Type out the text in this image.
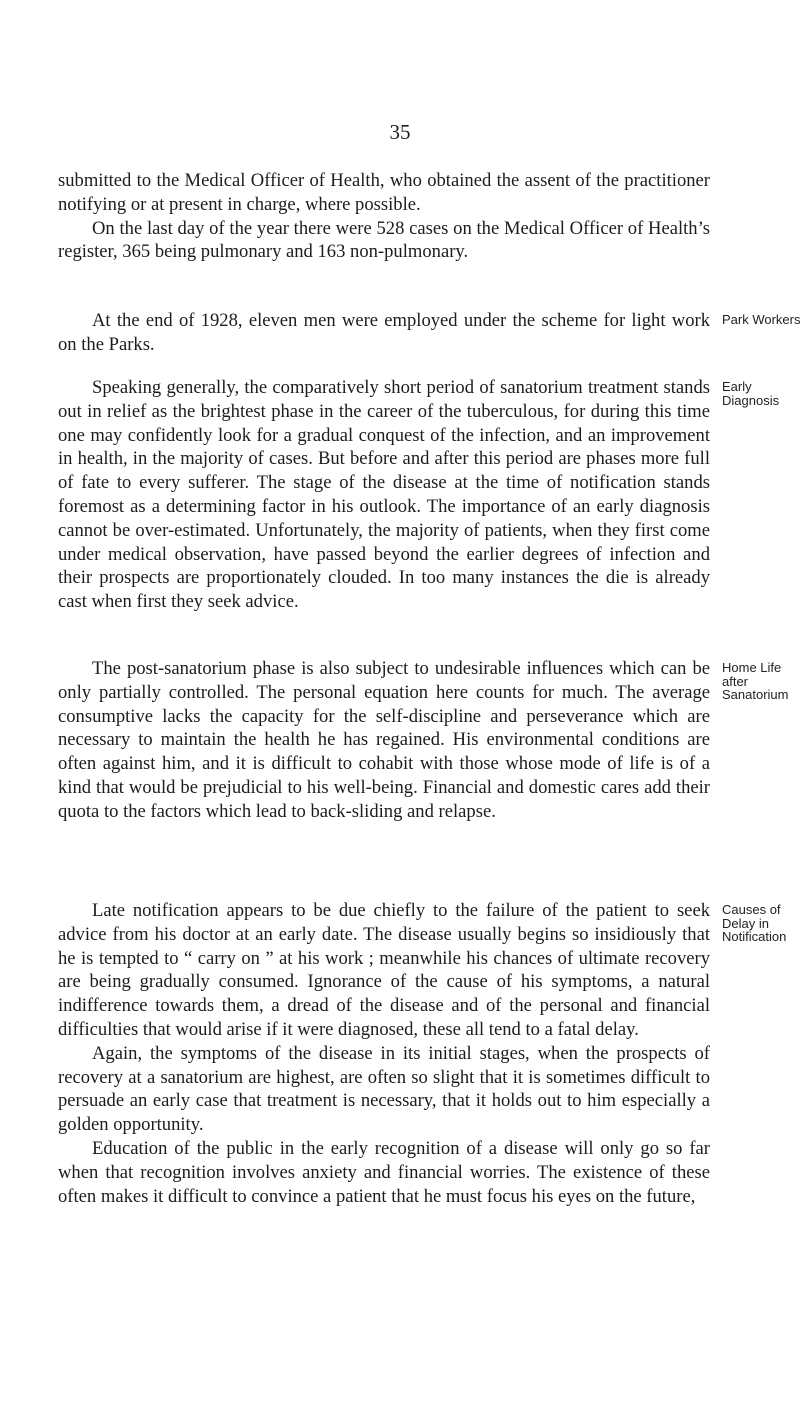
35

submitted to the Medical Officer of Health, who obtained the assent of the practitioner notifying or at present in charge, where possible.

On the last day of the year there were 528 cases on the Medical Officer of Health’s register, 365 being pulmonary and 163 non-pulmonary.

At the end of 1928, eleven men were employed under the scheme for light work on the Parks.

Park Workers

Speaking generally, the comparatively short period of sanatorium treatment stands out in relief as the brightest phase in the career of the tuberculous, for during this time one may confidently look for a gradual conquest of the infection, and an improvement in health, in the majority of cases. But before and after this period are phases more full of fate to every sufferer. The stage of the disease at the time of notification stands foremost as a determining factor in his outlook. The importance of an early diagnosis cannot be over-estimated. Unfortunately, the majority of patients, when they first come under medical observation, have passed beyond the earlier degrees of infection and their prospects are proportionately clouded. In too many instances the die is already cast when first they seek advice.

Early Diagnosis

The post-sanatorium phase is also subject to undesirable influences which can be only partially controlled. The personal equation here counts for much. The average consumptive lacks the capacity for the self-discipline and perseverance which are necessary to maintain the health he has regained. His environmental conditions are often against him, and it is difficult to cohabit with those whose mode of life is of a kind that would be prejudicial to his well-being. Financial and domestic cares add their quota to the factors which lead to back-sliding and relapse.

Home Life after Sanatorium

Late notification appears to be due chiefly to the failure of the patient to seek advice from his doctor at an early date. The disease usually begins so insidiously that he is tempted to “ carry on ” at his work ; meanwhile his chances of ultimate recovery are being gradually consumed. Ignorance of the cause of his symptoms, a natural indifference towards them, a dread of the disease and of the personal and financial difficulties that would arise if it were diagnosed, these all tend to a fatal delay.

Again, the symptoms of the disease in its initial stages, when the prospects of recovery at a sanatorium are highest, are often so slight that it is sometimes difficult to persuade an early case that treatment is necessary, that it holds out to him especially a golden opportunity.

Education of the public in the early recognition of a disease will only go so far when that recognition involves anxiety and financial worries. The existence of these often makes it difficult to convince a patient that he must focus his eyes on the future,

Causes of Delay in Notification
